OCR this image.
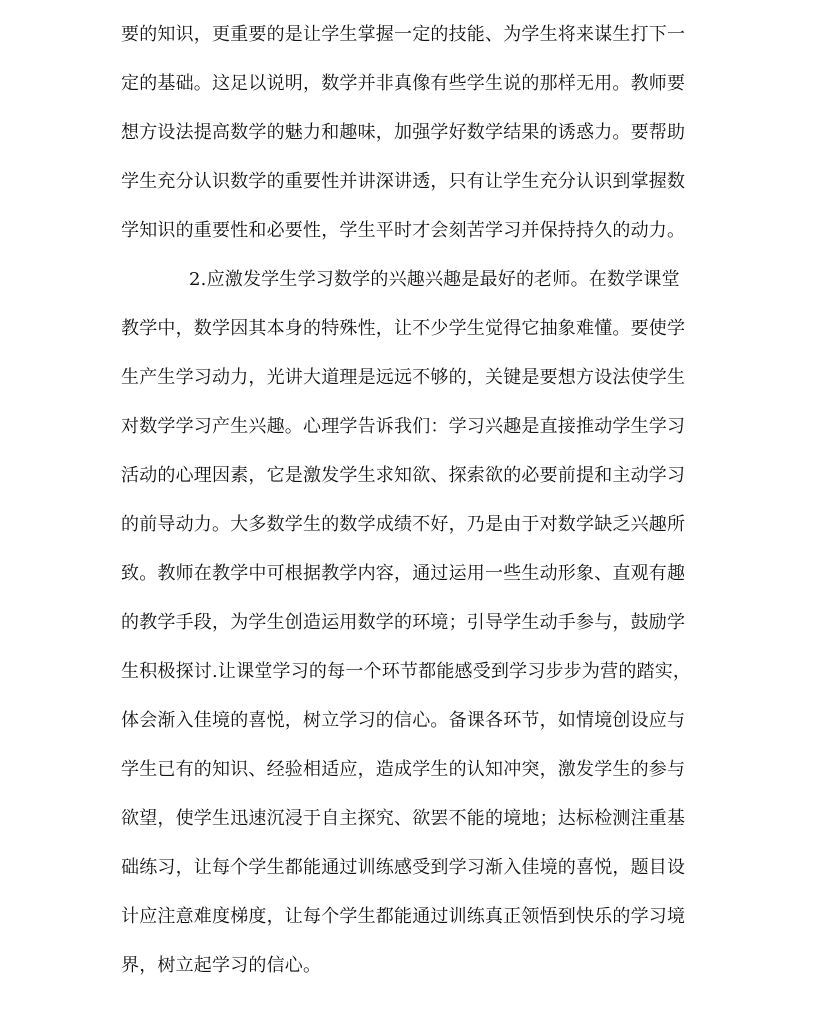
要的知识，更重要的是让学生掌握一定的技能、为学生将来谋生打下一
定的基础。这足以说明，数学并非真像有些学生说的那样无用。教师要
想方设法提高数学的魅力和趣味，加强学好数学结果的诱惑力。要帮助
学生充分认识数学的重要性并讲深讲透，只有让学生充分认识到掌握数
学知识的重要性和必要性，学生平时才会刻苦学习并保持持久的动力。
2.应激发学生学习数学的兴趣兴趣是最好的老师。在数学课堂
教学中，数学因其本身的特殊性，让不少学生觉得它抽象难懂。要使学
生产生学习动力，光讲大道理是远远不够的，关键是要想方设法使学生
对数学学习产生兴趣。心理学告诉我们：学习兴趣是直接推动学生学习
活动的心理因素，它是激发学生求知欲、探索欲的必要前提和主动学习
的前导动力。大多数学生的数学成绩不好，乃是由于对数学缺乏兴趣所
致。教师在教学中可根据教学内容，通过运用一些生动形象、直观有趣
的教学手段，为学生创造运用数学的环境；引导学生动手参与，鼓励学
生积极探讨.让课堂学习的每一个环节都能感受到学习步步为营的踏实，
体会渐入佳境的喜悦，树立学习的信心。备课各环节，如情境创设应与
学生已有的知识、经验相适应，造成学生的认知冲突，激发学生的参与
欲望，使学生迅速沉浸于自主探究、欲罢不能的境地；达标检测注重基
础练习，让每个学生都能通过训练感受到学习渐入佳境的喜悦，题目设
计应注意难度梯度，让每个学生都能通过训练真正领悟到快乐的学习境
界，树立起学习的信心。
